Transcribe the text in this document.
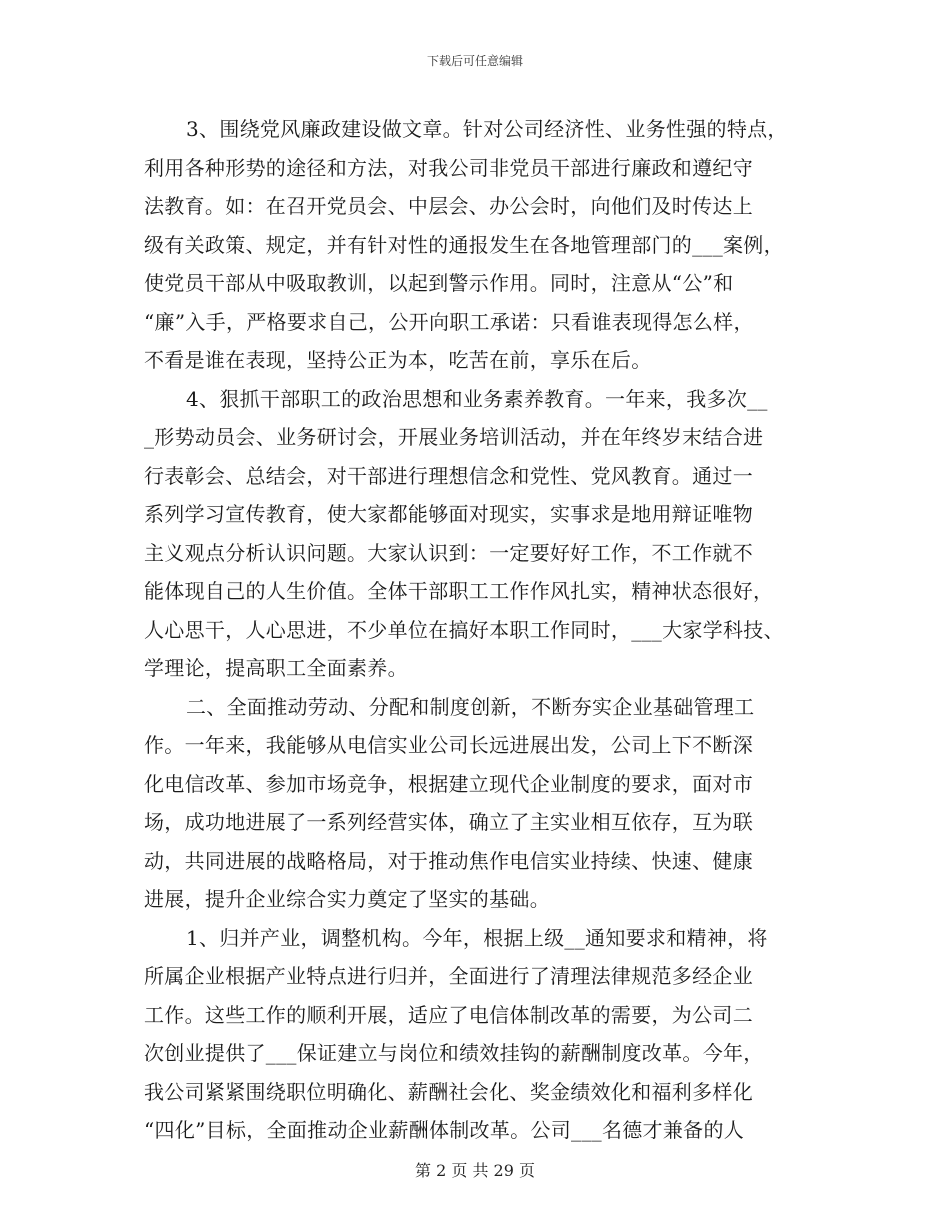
下载后可任意编辑
3、围绕党风廉政建设做文章。针对公司经济性、业务性强的特点，
利用各种形势的途径和方法，对我公司非党员干部进行廉政和遵纪守
法教育。如：在召开党员会、中层会、办公会时，向他们及时传达上
级有关政策、规定，并有针对性的通报发生在各地管理部门的___案例，
使党员干部从中吸取教训，以起到警示作用。同时，注意从“公”和
“廉”入手，严格要求自己，公开向职工承诺：只看谁表现得怎么样，
不看是谁在表现，坚持公正为本，吃苦在前，享乐在后。
4、狠抓干部职工的政治思想和业务素养教育。一年来，我多次__
_形势动员会、业务研讨会，开展业务培训活动，并在年终岁末结合进
行表彰会、总结会，对干部进行理想信念和党性、党风教育。通过一
系列学习宣传教育，使大家都能够面对现实，实事求是地用辩证唯物
主义观点分析认识问题。大家认识到：一定要好好工作，不工作就不
能体现自己的人生价值。全体干部职工工作作风扎实，精神状态很好，
人心思干，人心思进，不少单位在搞好本职工作同时，___大家学科技、
学理论，提高职工全面素养。
二、全面推动劳动、分配和制度创新，不断夯实企业基础管理工
作。一年来，我能够从电信实业公司长远进展出发，公司上下不断深
化电信改革、参加市场竞争，根据建立现代企业制度的要求，面对市
场，成功地进展了一系列经营实体，确立了主实业相互依存，互为联
动，共同进展的战略格局，对于推动焦作电信实业持续、快速、健康
进展，提升企业综合实力奠定了坚实的基础。
1、归并产业，调整机构。今年，根据上级__通知要求和精神，将
所属企业根据产业特点进行归并，全面进行了清理法律规范多经企业
工作。这些工作的顺利开展，适应了电信体制改革的需要，为公司二
次创业提供了___保证建立与岗位和绩效挂钩的薪酬制度改革。今年，
我公司紧紧围绕职位明确化、薪酬社会化、奖金绩效化和福利多样化
“四化”目标，全面推动企业薪酬体制改革。公司___名德才兼备的人
第 2 页 共 29 页
